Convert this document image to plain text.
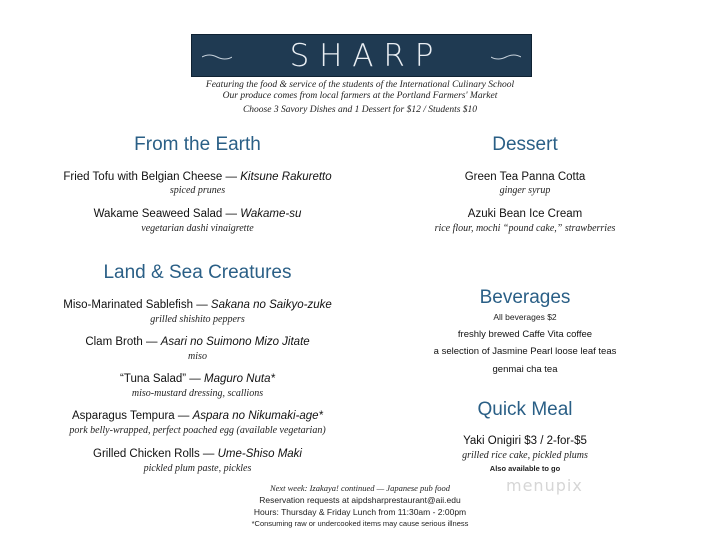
S H A R P
Featuring the food & service of the students of the International Culinary School
Our produce comes from local farmers at the Portland Farmers' Market
Choose 3 Savory Dishes and 1 Dessert for $12 / Students $10
From the Earth
Fried Tofu with Belgian Cheese — Kitsune Rakuretto
spiced prunes
Wakame Seaweed Salad — Wakame-su
vegetarian dashi vinaigrette
Land & Sea Creatures
Miso-Marinated Sablefish — Sakana no Saikyo-zuke
grilled shishito peppers
Clam Broth — Asari no Suimono Mizo Jitate
miso
“Tuna Salad” — Maguro Nuta*
miso-mustard dressing, scallions
Asparagus Tempura — Aspara no Nikumaki-age*
pork belly-wrapped, perfect poached egg (available vegetarian)
Grilled Chicken Rolls — Ume-Shiso Maki
pickled plum paste, pickles
Dessert
Green Tea Panna Cotta
ginger syrup
Azuki Bean Ice Cream
rice flour, mochi “pound cake,” strawberries
Beverages
All beverages $2
freshly brewed Caffe Vita coffee
a selection of Jasmine Pearl loose leaf teas
genmai cha tea
Quick Meal
Yaki Onigiri $3 / 2-for-$5
grilled rice cake, pickled plums
Also available to go
Next week: Izakaya! continued — Japanese pub food
Reservation requests at aipdsharprestaurant@aii.edu
Hours: Thursday & Friday Lunch from 11:30am - 2:00pm
*Consuming raw or undercooked items may cause serious illness
menupix
